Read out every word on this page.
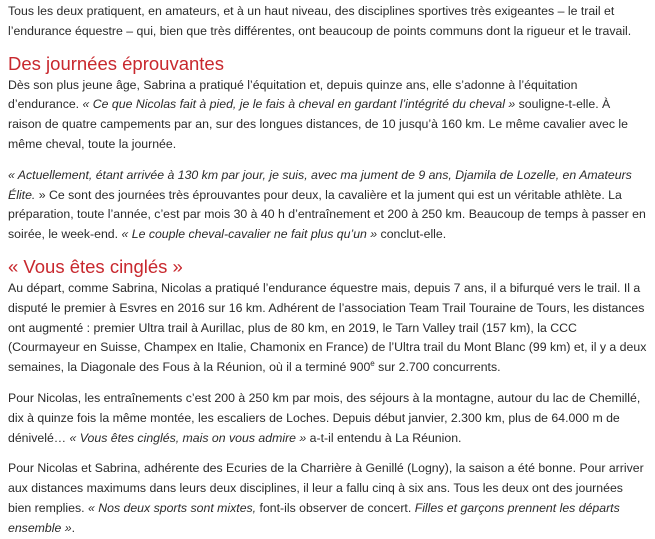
Tous les deux pratiquent, en amateurs, et à un haut niveau, des disciplines sportives très exigeantes – le trail et l’endurance équestre – qui, bien que très différentes, ont beaucoup de points communs dont la rigueur et le travail.

Des journées éprouvantes

Dès son plus jeune âge, Sabrina a pratiqué l’équitation et, depuis quinze ans, elle s’adonne à l’équitation d’endurance. « Ce que Nicolas fait à pied, je le fais à cheval en gardant l’intégrité du cheval » souligne-t-elle. À raison de quatre campements par an, sur des longues distances, de 10 jusqu’à 160 km. Le même cavalier avec le même cheval, toute la journée.

« Actuellement, étant arrivée à 130 km par jour, je suis, avec ma jument de 9 ans, Djamila de Lozelle, en Amateurs Élite. » Ce sont des journées très éprouvantes pour deux, la cavalière et la jument qui est un véritable athlète. La préparation, toute l’année, c’est par mois 30 à 40 h d’entraînement et 200 à 250 km. Beaucoup de temps à passer en soirée, le week-end. « Le couple cheval-cavalier ne fait plus qu’un » conclut-elle.

« Vous êtes cinglés »

Au départ, comme Sabrina, Nicolas a pratiqué l’endurance équestre mais, depuis 7 ans, il a bifurqué vers le trail. Il a disputé le premier à Esvres en 2016 sur 16 km. Adhérent de l’association Team Trail Touraine de Tours, les distances ont augmenté : premier Ultra trail à Aurillac, plus de 80 km, en 2019, le Tarn Valley trail (157 km), la CCC (Courmayeur en Suisse, Champex en Italie, Chamonix en France) de l’Ultra trail du Mont Blanc (99 km) et, il y a deux semaines, la Diagonale des Fous à la Réunion, où il a terminé 900e sur 2.700 concurrents.

Pour Nicolas, les entraînements c’est 200 à 250 km par mois, des séjours à la montagne, autour du lac de Chemillé, dix à quinze fois la même montée, les escaliers de Loches. Depuis début janvier, 2.300 km, plus de 64.000 m de dénivelé… « Vous êtes cinglés, mais on vous admire » a-t-il entendu à La Réunion.

Pour Nicolas et Sabrina, adhérente des Ecuries de la Charrière à Genillé (Logny), la saison a été bonne. Pour arriver aux distances maximums dans leurs deux disciplines, il leur a fallu cinq à six ans. Tous les deux ont des journées bien remplies. « Nos deux sports sont mixtes, font-ils observer de concert. Filles et garçons prennent les départs ensemble ».
